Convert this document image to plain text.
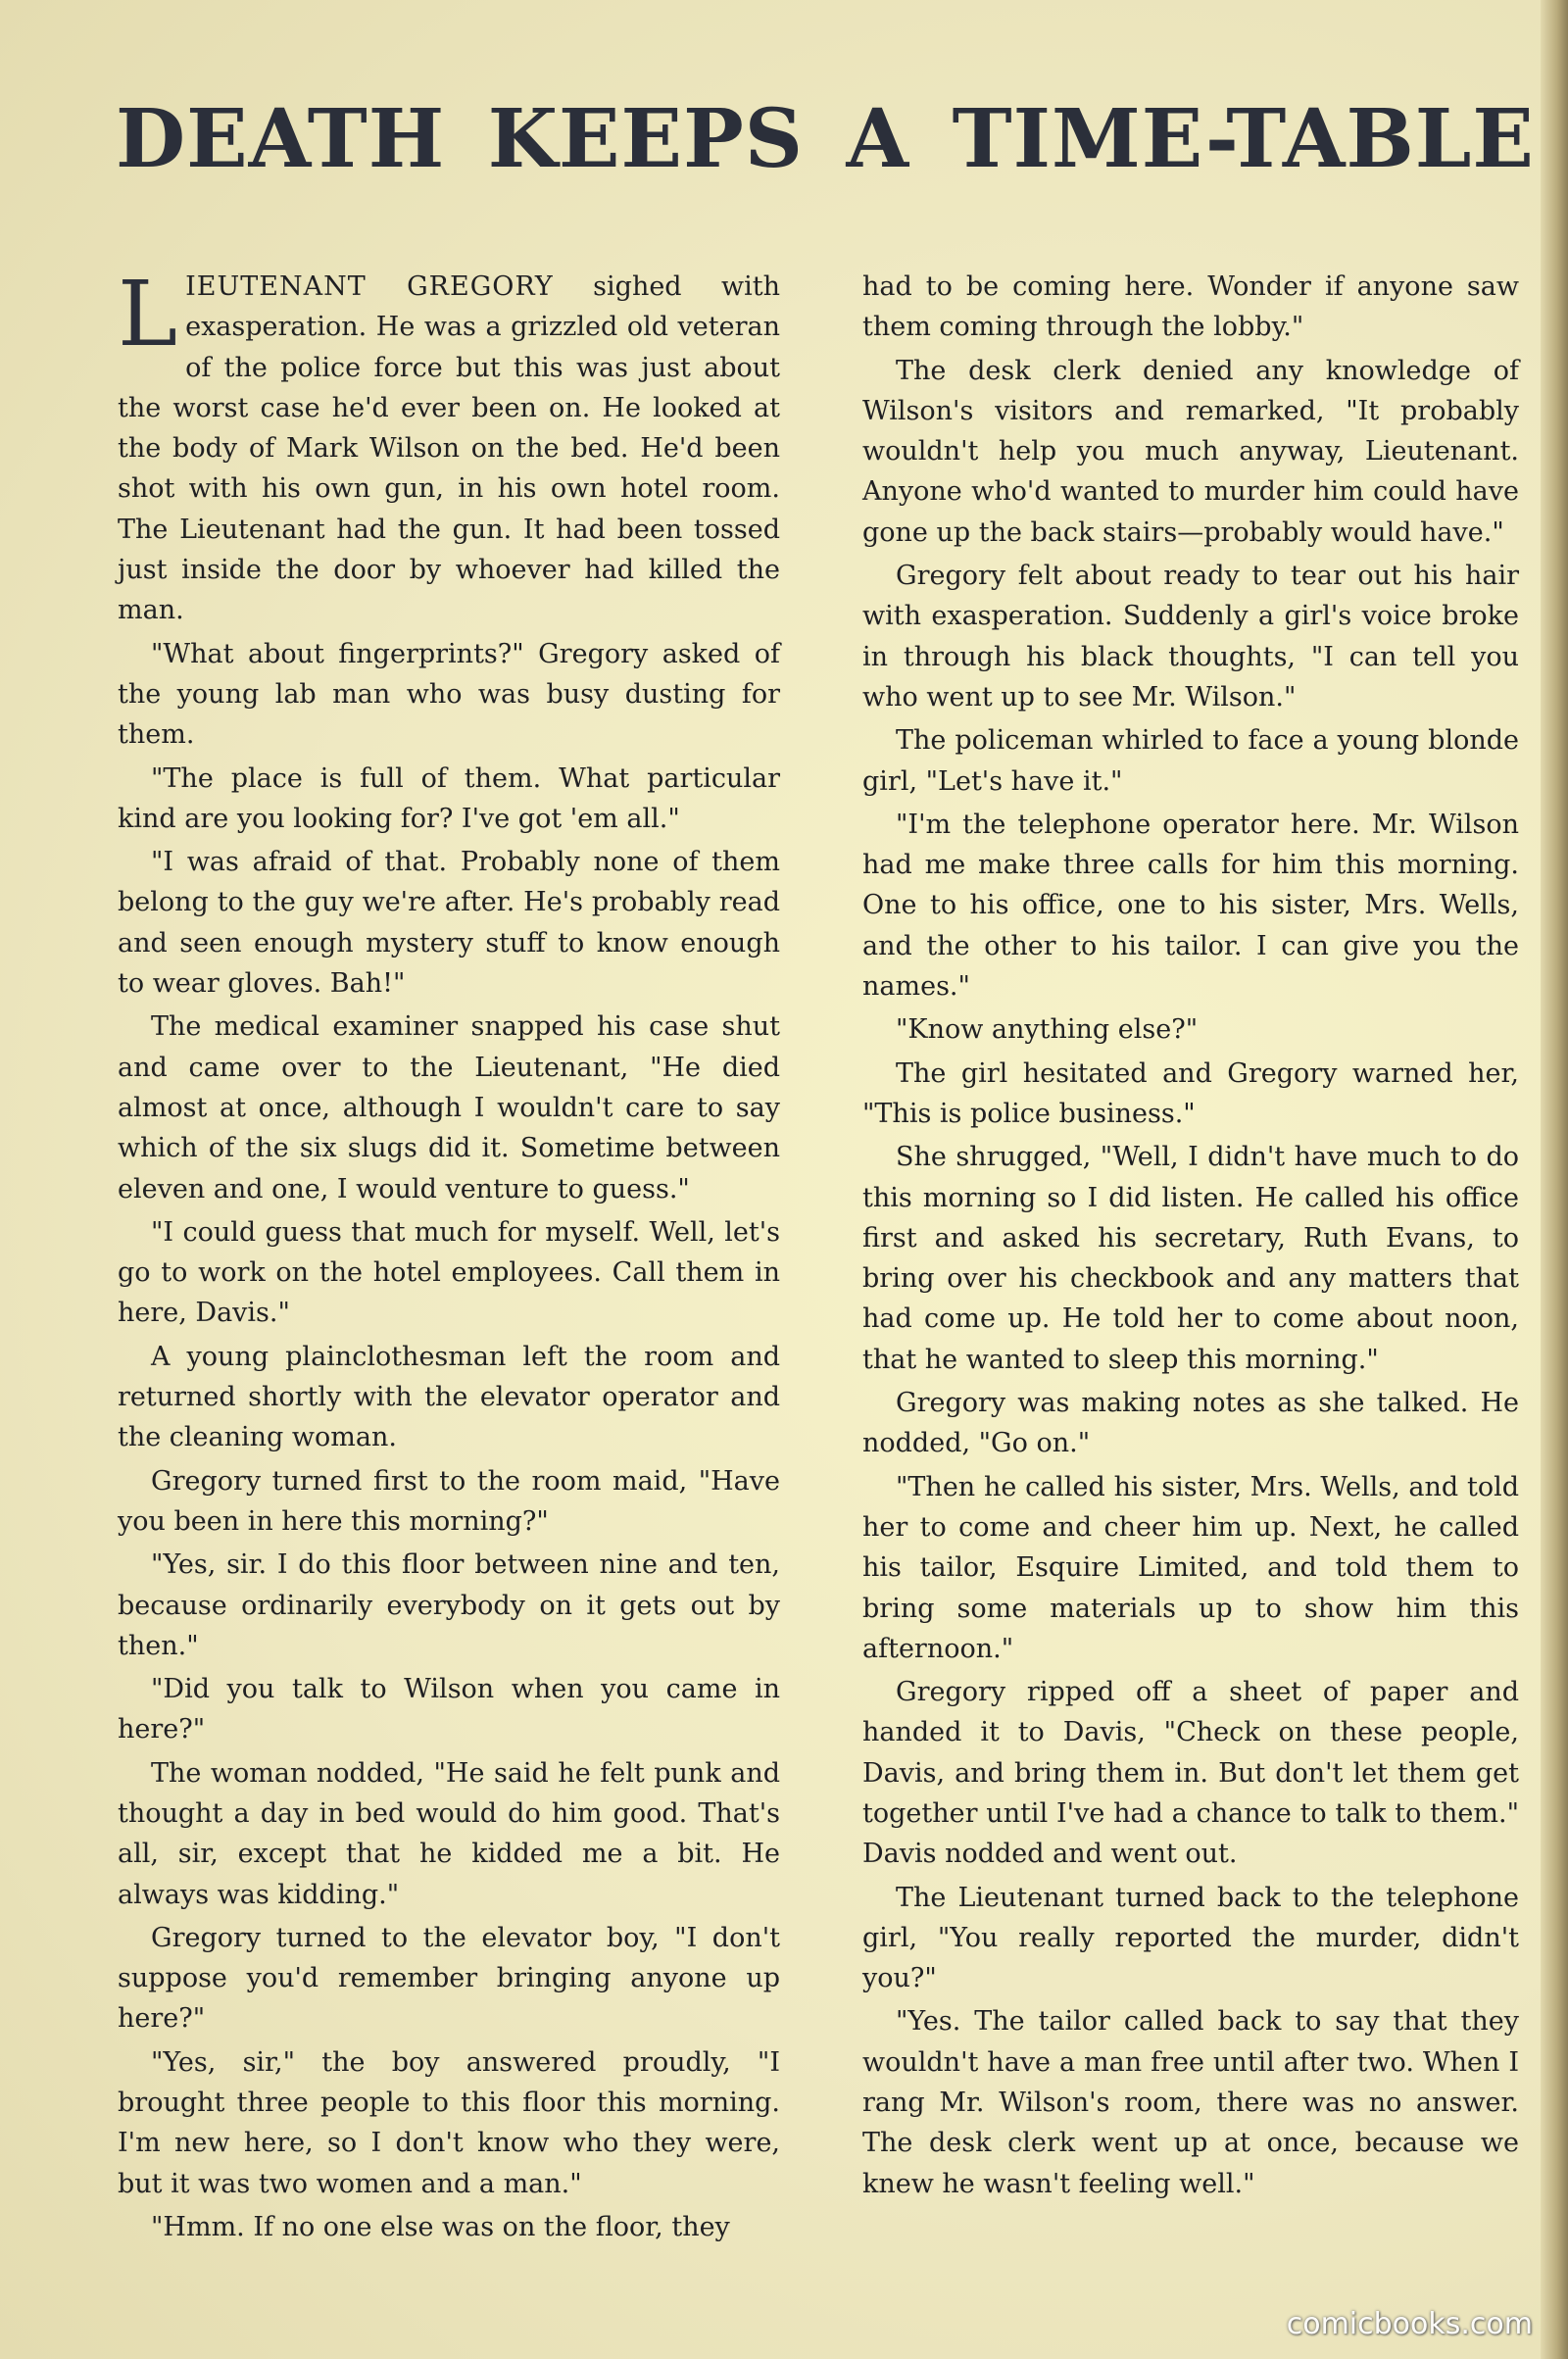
DEATH KEEPS A TIME-TABLE

LIEUTENANT GREGORY sighed with exasperation. He was a grizzled old veteran of the police force but this was just about the worst case he'd ever been on. He looked at the body of Mark Wilson on the bed. He'd been shot with his own gun, in his own hotel room. The Lieutenant had the gun. It had been tossed just inside the door by whoever had killed the man.

"What about fingerprints?" Gregory asked of the young lab man who was busy dusting for them.

"The place is full of them. What particular kind are you looking for? I've got 'em all."

"I was afraid of that. Probably none of them belong to the guy we're after. He's probably read and seen enough mystery stuff to know enough to wear gloves. Bah!"

The medical examiner snapped his case shut and came over to the Lieutenant, "He died almost at once, although I wouldn't care to say which of the six slugs did it. Sometime between eleven and one, I would venture to guess."

"I could guess that much for myself. Well, let's go to work on the hotel employees. Call them in here, Davis."

A young plainclothesman left the room and returned shortly with the elevator operator and the cleaning woman.

Gregory turned first to the room maid, "Have you been in here this morning?"

"Yes, sir. I do this floor between nine and ten, because ordinarily everybody on it gets out by then."

"Did you talk to Wilson when you came in here?"

The woman nodded, "He said he felt punk and thought a day in bed would do him good. That's all, sir, except that he kidded me a bit. He always was kidding."

Gregory turned to the elevator boy, "I don't suppose you'd remember bringing anyone up here?"

"Yes, sir," the boy answered proudly, "I brought three people to this floor this morning. I'm new here, so I don't know who they were, but it was two women and a man."

"Hmm. If no one else was on the floor, they

had to be coming here. Wonder if anyone saw them coming through the lobby."

The desk clerk denied any knowledge of Wilson's visitors and remarked, "It probably wouldn't help you much anyway, Lieutenant. Anyone who'd wanted to murder him could have gone up the back stairs—probably would have."

Gregory felt about ready to tear out his hair with exasperation. Suddenly a girl's voice broke in through his black thoughts, "I can tell you who went up to see Mr. Wilson."

The policeman whirled to face a young blonde girl, "Let's have it."

"I'm the telephone operator here. Mr. Wilson had me make three calls for him this morning. One to his office, one to his sister, Mrs. Wells, and the other to his tailor. I can give you the names."

"Know anything else?"

The girl hesitated and Gregory warned her, "This is police business."

She shrugged, "Well, I didn't have much to do this morning so I did listen. He called his office first and asked his secretary, Ruth Evans, to bring over his checkbook and any matters that had come up. He told her to come about noon, that he wanted to sleep this morning."

Gregory was making notes as she talked. He nodded, "Go on."

"Then he called his sister, Mrs. Wells, and told her to come and cheer him up. Next, he called his tailor, Esquire Limited, and told them to bring some materials up to show him this afternoon."

Gregory ripped off a sheet of paper and handed it to Davis, "Check on these people, Davis, and bring them in. But don't let them get together until I've had a chance to talk to them." Davis nodded and went out.

The Lieutenant turned back to the telephone girl, "You really reported the murder, didn't you?"

"Yes. The tailor called back to say that they wouldn't have a man free until after two. When I rang Mr. Wilson's room, there was no answer. The desk clerk went up at once, because we knew he wasn't feeling well."

comicbooks.com
